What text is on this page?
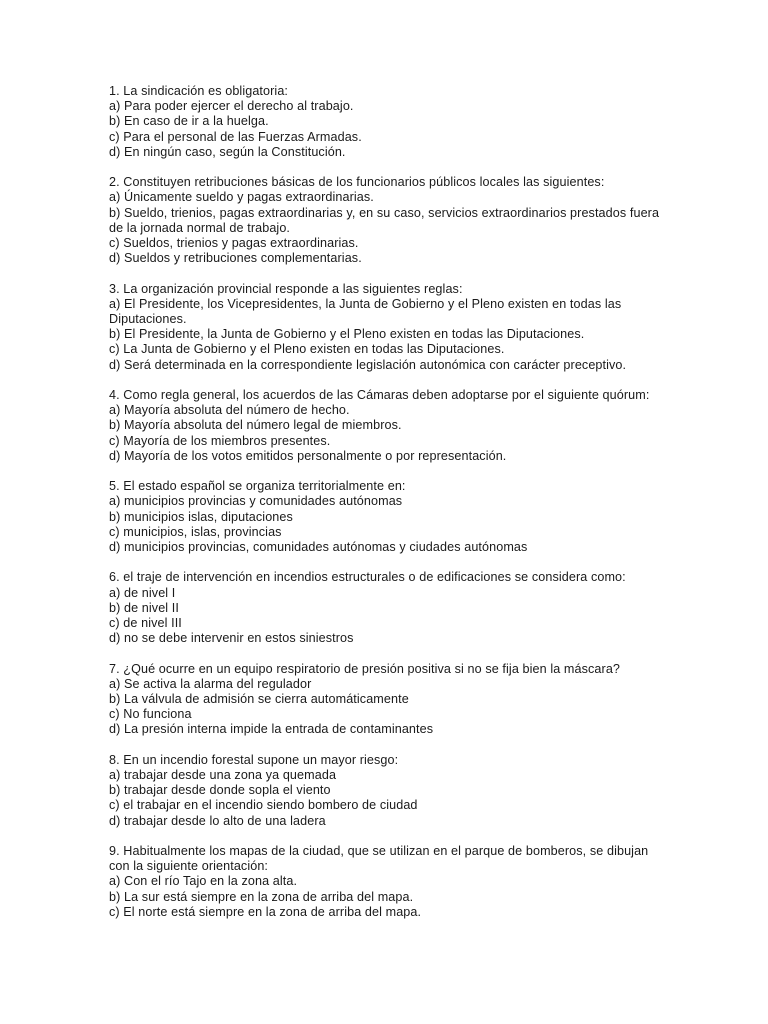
1. La sindicación es obligatoria:

a) Para poder ejercer el derecho al trabajo.

b) En caso de ir a la huelga.

c) Para el personal de las Fuerzas Armadas.

d) En ningún caso, según la Constitución.

2. Constituyen retribuciones básicas de los funcionarios públicos locales las siguientes:

a) Únicamente sueldo y pagas extraordinarias.

b) Sueldo, trienios, pagas extraordinarias y, en su caso, servicios extraordinarios prestados fuera de la jornada normal de trabajo.

c) Sueldos, trienios y pagas extraordinarias.

d) Sueldos y retribuciones complementarias.

3. La organización provincial responde a las siguientes reglas:

a) El Presidente, los Vicepresidentes, la Junta de Gobierno y el Pleno existen en todas las Diputaciones.

b) El Presidente, la Junta de Gobierno y el Pleno existen en todas las Diputaciones.

c) La Junta de Gobierno y el Pleno existen en todas las Diputaciones.

d) Será determinada en la correspondiente legislación autonómica con carácter preceptivo.

4. Como regla general, los acuerdos de las Cámaras deben adoptarse por el siguiente quórum:

a) Mayoría absoluta del número de hecho.

b) Mayoría absoluta del número legal de miembros.

c) Mayoría de los miembros presentes.

d) Mayoría de los votos emitidos personalmente o por representación.

5. El estado español se organiza territorialmente en:

a) municipios provincias y comunidades autónomas

b) municipios islas, diputaciones

c) municipios, islas, provincias

d) municipios provincias, comunidades autónomas y ciudades autónomas

6. el traje de intervención en incendios estructurales o de edificaciones se considera como:

a) de nivel I

b) de nivel II

c) de nivel III

d) no se debe intervenir en estos siniestros

7. ¿Qué ocurre en un equipo respiratorio de presión positiva si no se fija bien la máscara?

a) Se activa la alarma del regulador

b) La válvula de admisión se cierra automáticamente

c) No funciona

d) La presión interna impide la entrada de contaminantes

8. En un incendio forestal supone un mayor riesgo:

a) trabajar desde una zona ya quemada

b) trabajar desde donde sopla el viento

c) el trabajar en el incendio siendo bombero de ciudad

d) trabajar desde lo alto de una ladera

9. Habitualmente los mapas de la ciudad, que se utilizan en el parque de bomberos, se dibujan con la siguiente orientación:

a) Con el río Tajo en la zona alta.

b) La sur está siempre en la zona de arriba del mapa.

c) El norte está siempre en la zona de arriba del mapa.
